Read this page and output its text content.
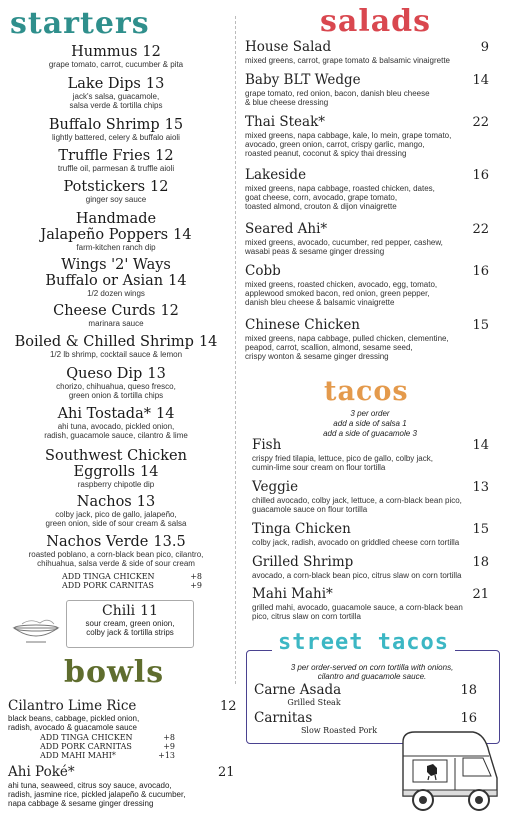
starters
Hummus 12
grape tomato, carrot, cucumber & pita
Lake Dips 13
jack's salsa, guacamole,
salsa verde & tortilla chips
Buffalo Shrimp 15
lightly battered, celery & buffalo aioli
Truffle Fries 12
truffle oil, parmesan & truffle aioli
Potstickers 12
ginger soy sauce
Handmade
Jalapeño Poppers 14
farm-kitchen ranch dip
Wings '2' Ways
Buffalo or Asian 14
1/2 dozen wings
Cheese Curds 12
marinara sauce
Boiled & Chilled Shrimp 14
1/2 lb shrimp, cocktail sauce & lemon
Queso Dip 13
chorizo, chihuahua, queso fresco,
green onion & tortilla chips
Ahi Tostada* 14
ahi tuna, avocado, pickled onion,
radish, guacamole sauce, cilantro & lime
Southwest Chicken
Eggrolls 14
raspberry chipotle dip
Nachos 13
colby jack, pico de gallo, jalapeño,
green onion, side of sour cream & salsa
Nachos Verde 13.5
roasted poblano, a corn-black bean pico, cilantro,
chihuahua, salsa verde & side of sour cream
ADD TINGA CHICKEN	+8
ADD PORK CARNITAS	+9
Chili 11
sour cream, green onion,
colby jack & tortilla strips
bowls
Cilantro Lime Rice	12
black beans, cabbage, pickled onion,
radish, avocado & guacamole sauce
ADD TINGA CHICKEN	+8
ADD PORK CARNITAS	+9
ADD MAHI MAHI*	+13
Ahi Poké*	21
ahi tuna, seaweed, citrus soy sauce, avocado,
radish, jasmine rice, pickled jalapeño & cucumber,
napa cabbage & sesame ginger dressing
salads
House Salad	9
mixed greens, carrot, grape tomato & balsamic vinaigrette
Baby BLT Wedge	14
grape tomato, red onion, bacon, danish bleu cheese
& blue cheese dressing
Thai Steak*	22
mixed greens, napa cabbage, kale, lo mein, grape tomato,
avocado, green onion, carrot, crispy garlic, mango,
roasted peanut, coconut & spicy thai dressing
Lakeside	16
mixed greens, napa cabbage, roasted chicken, dates,
goat cheese, corn, avocado, grape tomato,
toasted almond, crouton & dijon vinaigrette
Seared Ahi*	22
mixed greens, avocado, cucumber, red pepper, cashew,
wasabi peas & sesame ginger dressing
Cobb	16
mixed greens, roasted chicken, avocado, egg, tomato,
applewood smoked bacon, red onion, green pepper,
danish bleu cheese & balsamic vinaigrette
Chinese Chicken	15
mixed greens, napa cabbage, pulled chicken, clementine,
peapod, carrot, scallion, almond, sesame seed,
crispy wonton & sesame ginger dressing
tacos
3 per order
add a side of salsa 1
add a side of guacamole 3
Fish	14
crispy fried tilapia, lettuce, pico de gallo, colby jack,
cumin-lime sour cream on flour tortilla
Veggie	13
chilled avocado, colby jack, lettuce, a corn-black bean pico,
guacamole sauce on flour tortilla
Tinga Chicken	15
colby jack, radish, avocado on griddled cheese corn tortilla
Grilled Shrimp	18
avocado, a corn-black bean pico, citrus slaw on corn tortilla
Mahi Mahi*	21
grilled mahi, avocado, guacamole sauce, a corn-black bean
pico, citrus slaw on corn tortilla
street tacos
3 per order-served on corn tortilla with onions,
cilantro and guacamole sauce.
Carne Asada	18
Grilled Steak
Carnitas	16
Slow Roasted Pork
